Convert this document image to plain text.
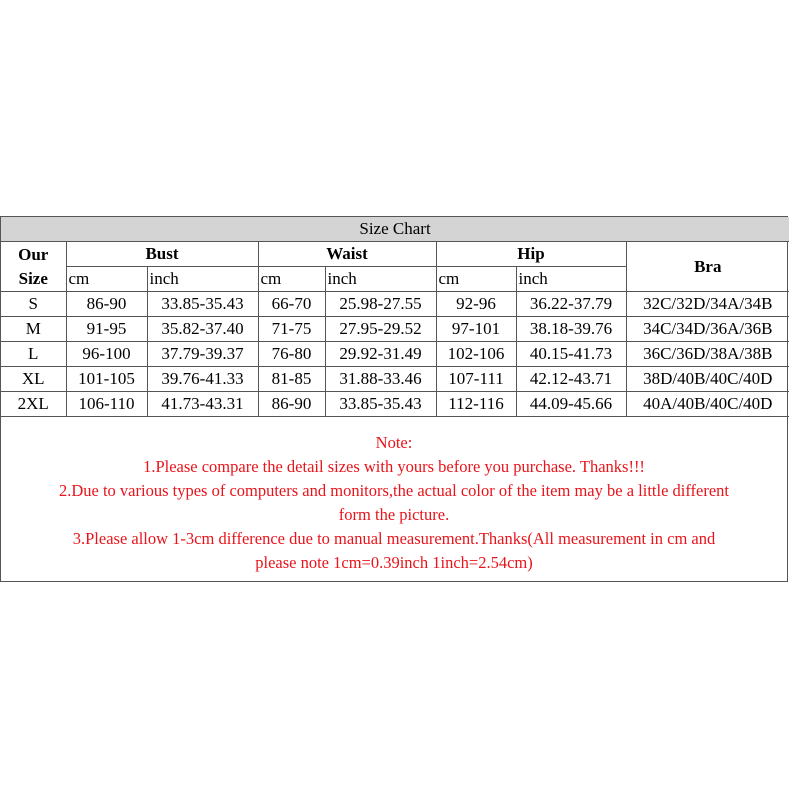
Size Chart							

Our
Size	Bust		Waist		Hip		Bra
	cm	inch	cm	inch	cm	inch	
S	86-90	33.85-35.43	66-70	25.98-27.55	92-96	36.22-37.79	32C/32D/34A/34B
M	91-95	35.82-37.40	71-75	27.95-29.52	97-101	38.18-39.76	34C/34D/36A/36B
L	96-100	37.79-39.37	76-80	29.92-31.49	102-106	40.15-41.73	36C/36D/38A/38B
XL	101-105	39.76-41.33	81-85	31.88-33.46	107-111	42.12-43.71	38D/40B/40C/40D
2XL	106-110	41.73-43.31	86-90	33.85-35.43	112-116	44.09-45.66	40A/40B/40C/40D
Note:
1.Please compare the detail sizes with yours before you purchase. Thanks!!!
2.Due to various types of computers and monitors,the actual color of the item may be a little different
form the picture.
3.Please allow 1-3cm difference due to manual measurement.Thanks(All measurement in cm and
please note 1cm=0.39inch 1inch=2.54cm)
